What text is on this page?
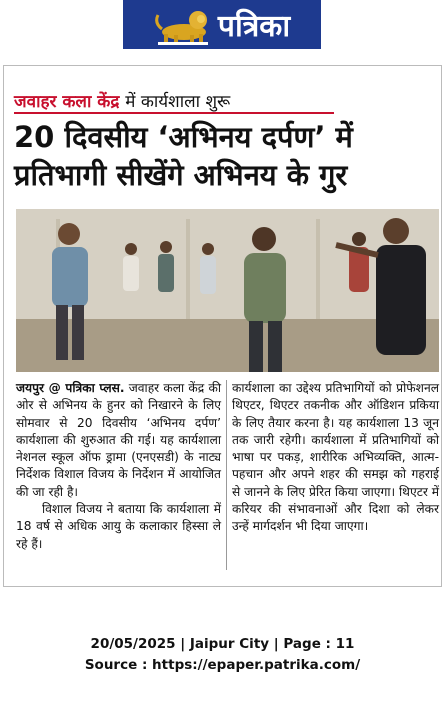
पत्रिका
जवाहर कला केंद्र में कार्यशाला शुरू
20 दिवसीय ‘अभिनय दर्पण’ में
प्रतिभागी सीखेंगे अभिनय के गुर

जयपुर @ पत्रिका प्लस. जवाहर कला केंद्र की ओर से अभिनय के हुनर को निखारने के लिए सोमवार से 20 दिवसीय ‘अभिनय दर्पण’ कार्यशाला की शुरुआत की गई। यह कार्यशाला नेशनल स्कूल ऑफ ड्रामा (एनएसडी) के नाट्य निर्देशक विशाल विजय के निर्देशन में आयोजित की जा रही है।

विशाल विजय ने बताया कि कार्यशाला में 18 वर्ष से अधिक आयु के कलाकार हिस्सा ले रहे हैं।

कार्यशाला का उद्देश्य प्रतिभागियों को प्रोफेशनल थिएटर, थिएटर तकनीक और ऑडिशन प्रकिया के लिए तैयार करना है। यह कार्यशाला 13 जून तक जारी रहेगी। कार्यशाला में प्रतिभागियों को भाषा पर पकड़, शारीरिक अभिव्यक्ति, आत्म-पहचान और अपने शहर की समझ को गहराई से जानने के लिए प्रेरित किया जाएगा। थिएटर में करियर की संभावनाओं और दिशा को लेकर उन्हें मार्गदर्शन भी दिया जाएगा।

20/05/2025 | Jaipur City | Page : 11
Source : https://epaper.patrika.com/
